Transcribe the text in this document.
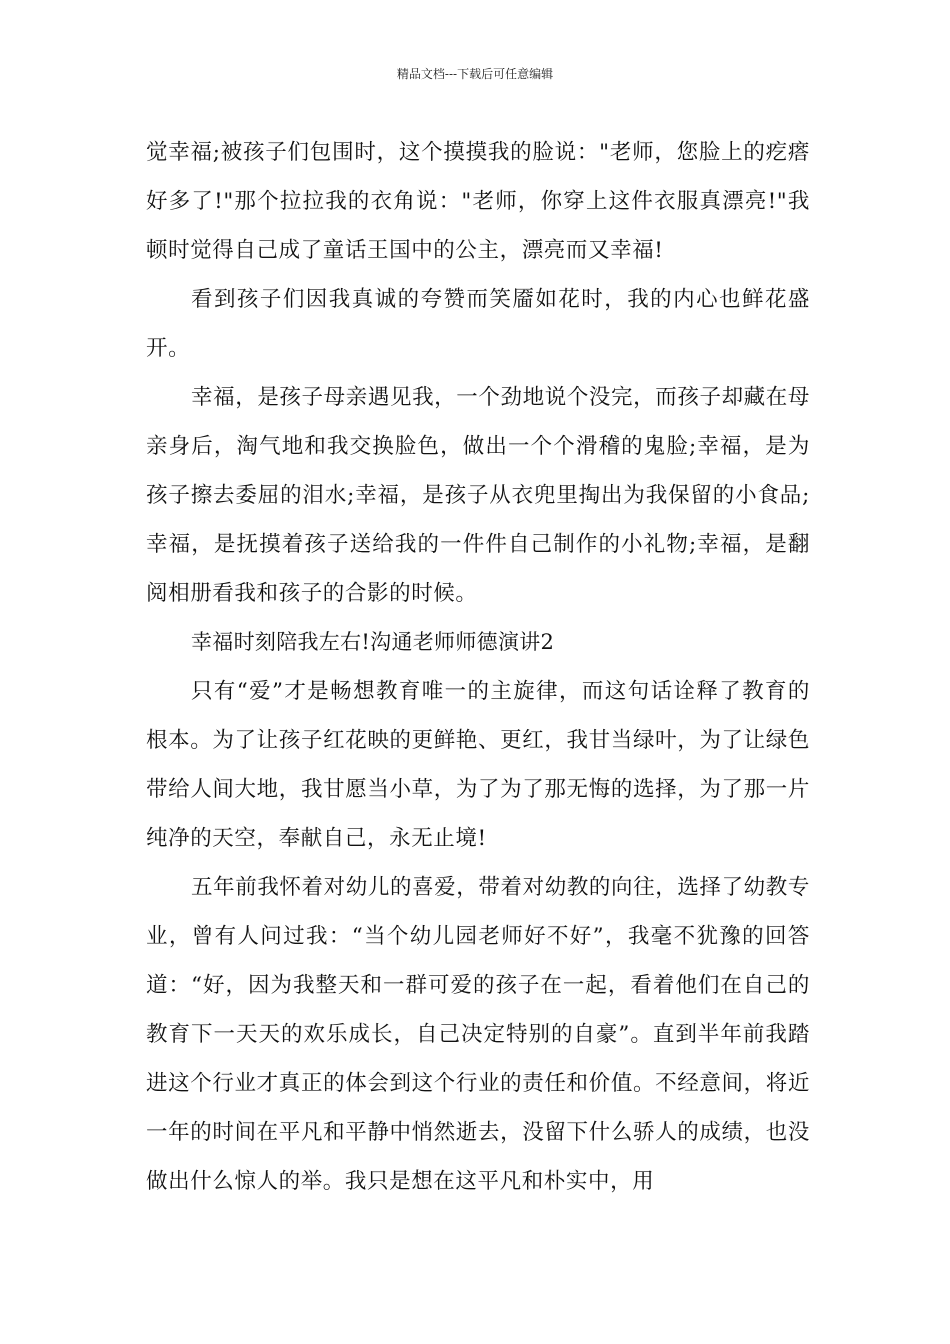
精品文档---下载后可任意编辑

觉幸福;被孩子们包围时，这个摸摸我的脸说："老师，您脸上的疙瘩好多了!"那个拉拉我的衣角说："老师，你穿上这件衣服真漂亮!"我顿时觉得自己成了童话王国中的公主，漂亮而又幸福!

看到孩子们因我真诚的夸赞而笑靥如花时，我的内心也鲜花盛开。

幸福，是孩子母亲遇见我，一个劲地说个没完，而孩子却藏在母亲身后，淘气地和我交换脸色，做出一个个滑稽的鬼脸;幸福，是为孩子擦去委屈的泪水;幸福，是孩子从衣兜里掏出为我保留的小食品;幸福，是抚摸着孩子送给我的一件件自己制作的小礼物;幸福，是翻阅相册看我和孩子的合影的时候。

幸福时刻陪我左右!沟通老师师德演讲2

只有“爱”才是畅想教育唯一的主旋律，而这句话诠释了教育的根本。为了让孩子红花映的更鲜艳、更红，我甘当绿叶，为了让绿色带给人间大地，我甘愿当小草，为了为了那无悔的选择，为了那一片纯净的天空，奉献自己，永无止境!

五年前我怀着对幼儿的喜爱，带着对幼教的向往，选择了幼教专业，曾有人问过我：“当个幼儿园老师好不好”，我毫不犹豫的回答道：“好，因为我整天和一群可爱的孩子在一起，看着他们在自己的教育下一天天的欢乐成长，自己决定特别的自豪”。直到半年前我踏进这个行业才真正的体会到这个行业的责任和价值。不经意间，将近一年的时间在平凡和平静中悄然逝去，没留下什么骄人的成绩，也没做出什么惊人的举。我只是想在这平凡和朴实中，用
